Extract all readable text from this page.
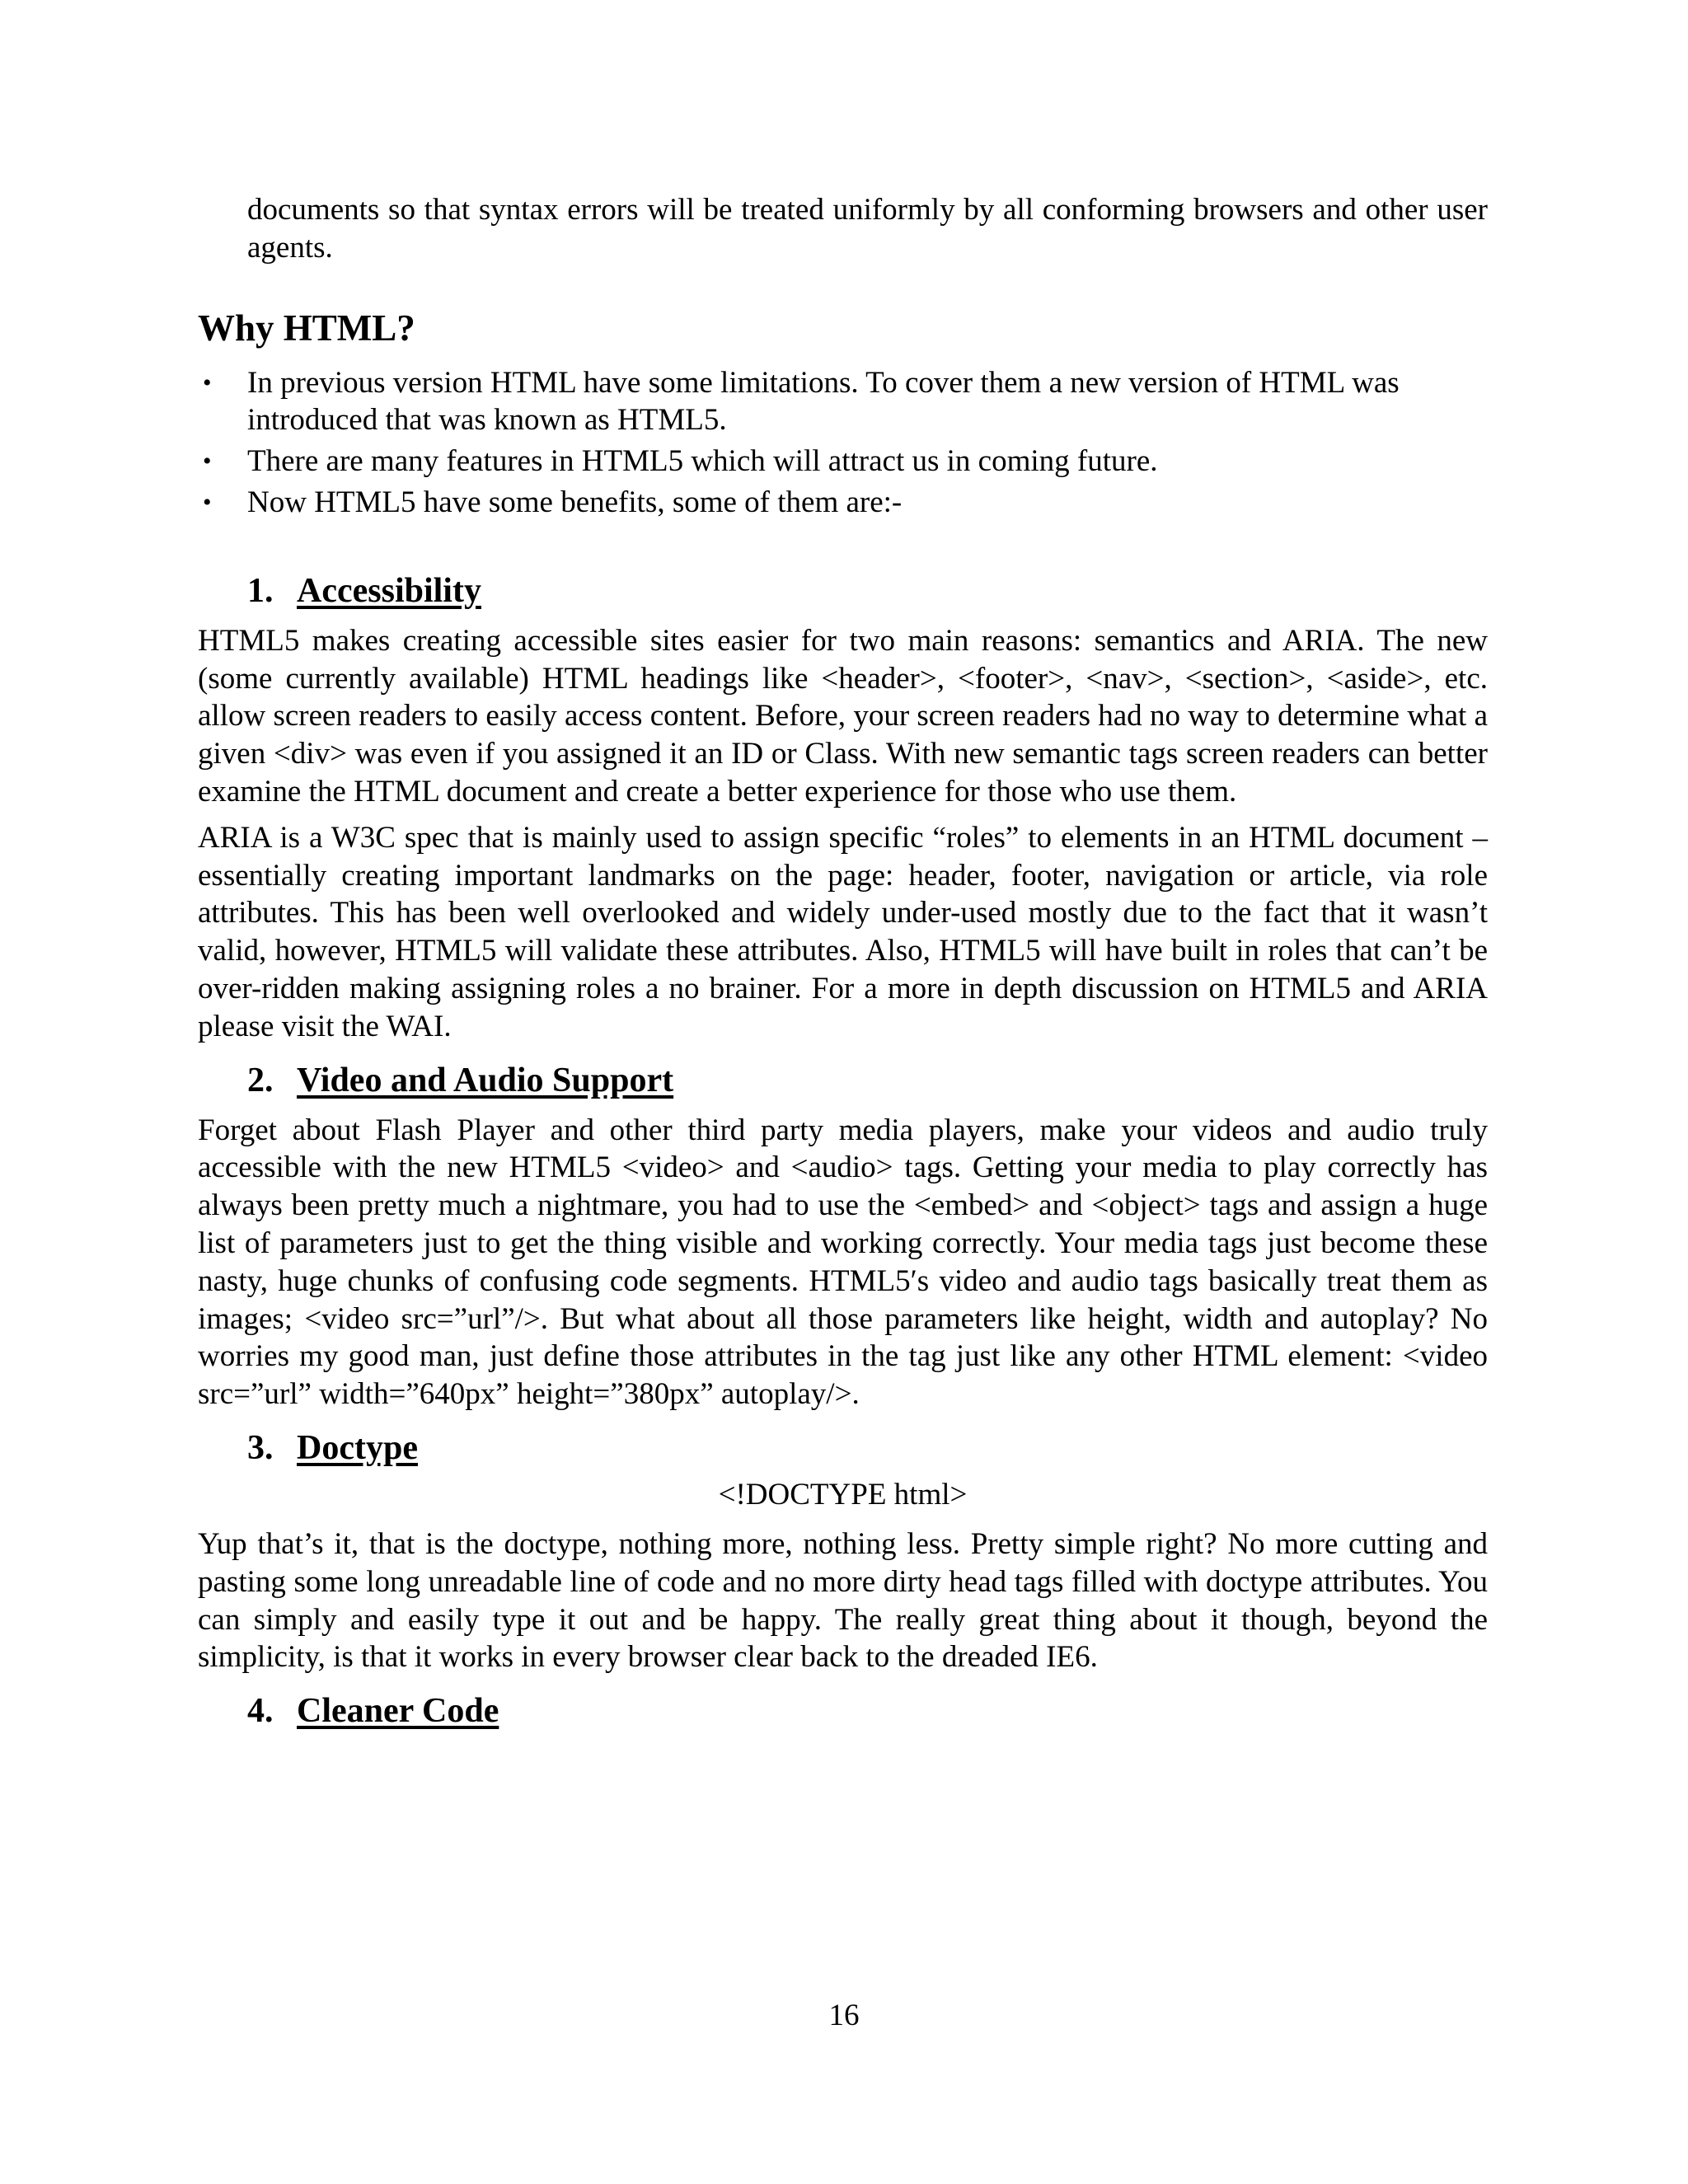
documents so that syntax errors will be treated uniformly by all conforming browsers and other user agents.

Why HTML?
• In previous version HTML have some limitations. To cover them a new version of HTML was introduced that was known as HTML5.
• There are many features in HTML5 which will attract us in coming future.
• Now HTML5 have some benefits, some of them are:-
1. Accessibility

HTML5 makes creating accessible sites easier for two main reasons: semantics and ARIA. The new (some currently available) HTML headings like <header>, <footer>, <nav>, <section>, <aside>, etc. allow screen readers to easily access content. Before, your screen readers had no way to determine what a given <div> was even if you assigned it an ID or Class. With new semantic tags screen readers can better examine the HTML document and create a better experience for those who use them.

ARIA is a W3C spec that is mainly used to assign specific “roles” to elements in an HTML document – essentially creating important landmarks on the page: header, footer, navigation or article, via role attributes. This has been well overlooked and widely under-used mostly due to the fact that it wasn’t valid, however, HTML5 will validate these attributes. Also, HTML5 will have built in roles that can’t be over-ridden making assigning roles a no brainer. For a more in depth discussion on HTML5 and ARIA please visit the WAI.

2. Video and Audio Support

Forget about Flash Player and other third party media players, make your videos and audio truly accessible with the new HTML5 <video> and <audio> tags. Getting your media to play correctly has always been pretty much a nightmare, you had to use the <embed> and <object> tags and assign a huge list of parameters just to get the thing visible and working correctly. Your media tags just become these nasty, huge chunks of confusing code segments. HTML5′s video and audio tags basically treat them as images; <video src=”url”/>. But what about all those parameters like height, width and autoplay? No worries my good man, just define those attributes in the tag just like any other HTML element: <video src=”url” width=”640px” height=”380px” autoplay/>.

3. Doctype
<!DOCTYPE html>

Yup that’s it, that is the doctype, nothing more, nothing less. Pretty simple right? No more cutting and pasting some long unreadable line of code and no more dirty head tags filled with doctype attributes. You can simply and easily type it out and be happy. The really great thing about it though, beyond the simplicity, is that it works in every browser clear back to the dreaded IE6.

4. Cleaner Code
16
